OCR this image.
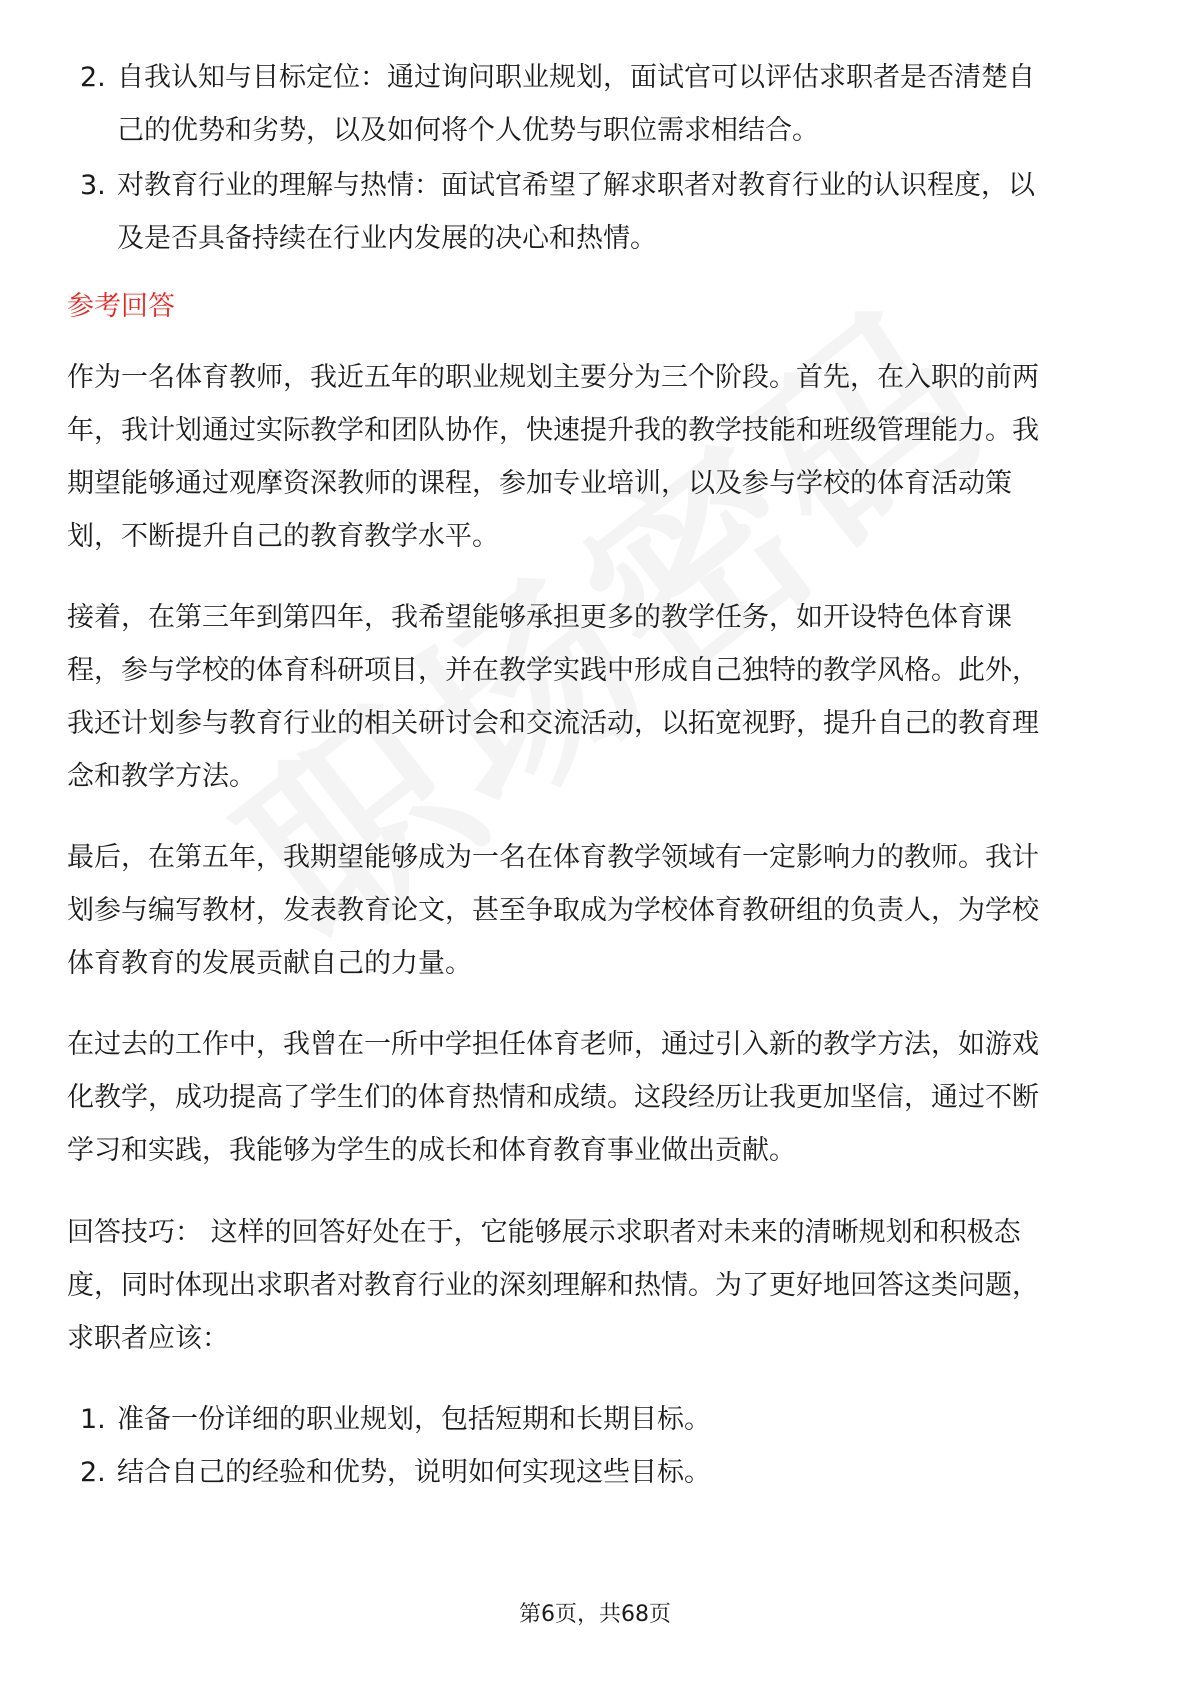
2. 自我认知与目标定位：通过询问职业规划，面试官可以评估求职者是否清楚自
己的优势和劣势，以及如何将个人优势与职位需求相结合。
3. 对教育行业的理解与热情：面试官希望了解求职者对教育行业的认识程度，以
及是否具备持续在行业内发展的决心和热情。
参考回答
作为一名体育教师，我近五年的职业规划主要分为三个阶段。首先，在入职的前两
年，我计划通过实际教学和团队协作，快速提升我的教学技能和班级管理能力。我
期望能够通过观摩资深教师的课程，参加专业培训，以及参与学校的体育活动策
划，不断提升自己的教育教学水平。
接着，在第三年到第四年，我希望能够承担更多的教学任务，如开设特色体育课
程，参与学校的体育科研项目，并在教学实践中形成自己独特的教学风格。此外，
我还计划参与教育行业的相关研讨会和交流活动，以拓宽视野，提升自己的教育理
念和教学方法。
最后，在第五年，我期望能够成为一名在体育教学领域有一定影响力的教师。我计
划参与编写教材，发表教育论文，甚至争取成为学校体育教研组的负责人，为学校
体育教育的发展贡献自己的力量。
在过去的工作中，我曾在一所中学担任体育老师，通过引入新的教学方法，如游戏
化教学，成功提高了学生们的体育热情和成绩。这段经历让我更加坚信，通过不断
学习和实践，我能够为学生的成长和体育教育事业做出贡献。
回答技巧： 这样的回答好处在于，它能够展示求职者对未来的清晰规划和积极态
度，同时体现出求职者对教育行业的深刻理解和热情。为了更好地回答这类问题，
求职者应该：
1. 准备一份详细的职业规划，包括短期和长期目标。
2. 结合自己的经验和优势，说明如何实现这些目标。
第6页，共68页
